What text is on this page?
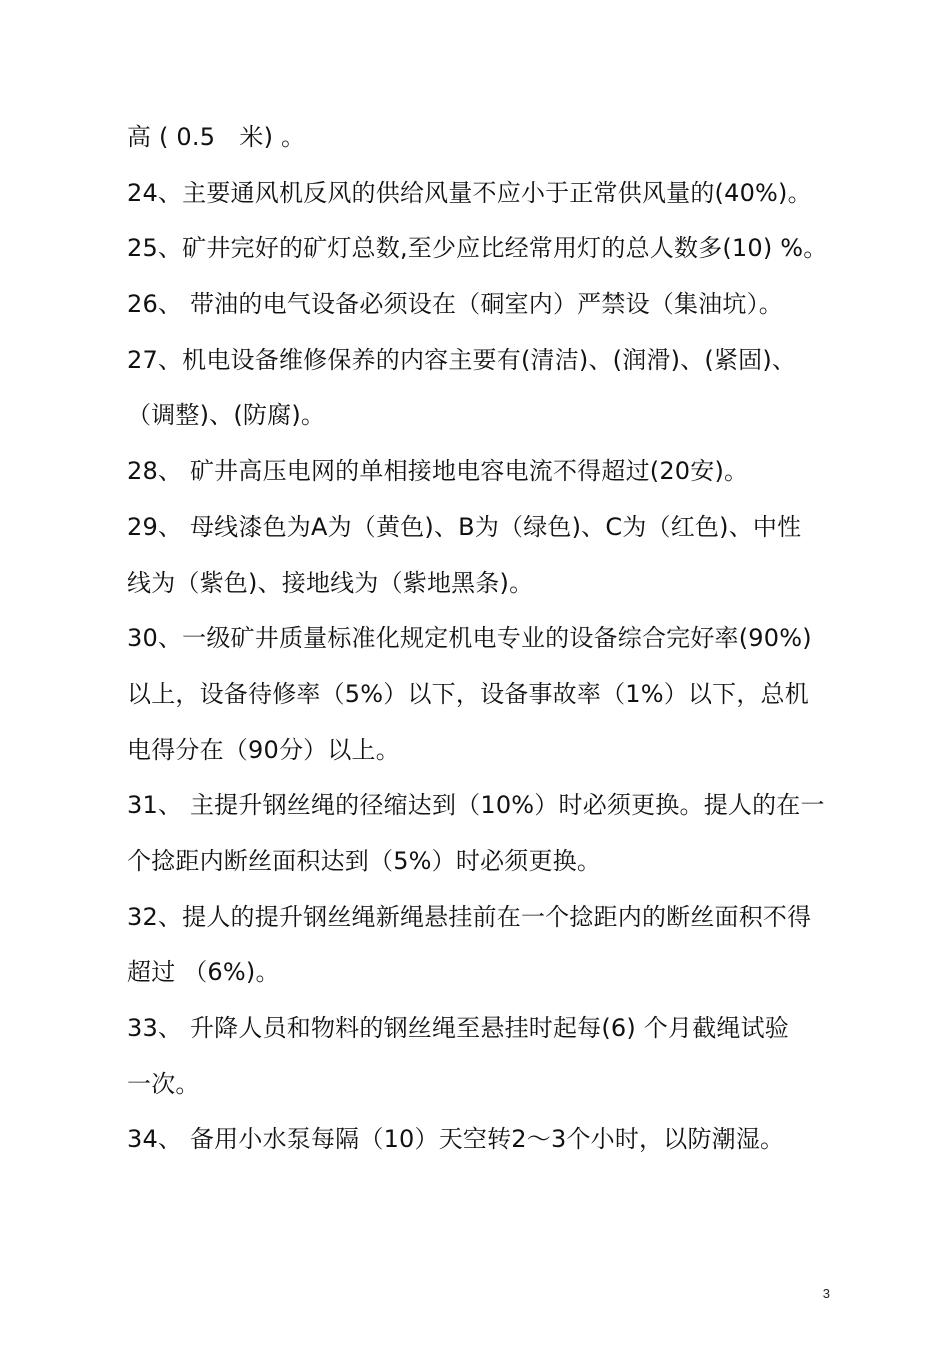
高 ( 0.5　米) 。
24、主要通风机反风的供给风量不应小于正常供风量的(40%)。
25、矿井完好的矿灯总数,至少应比经常用灯的总人数多(10) %。
26、 带油的电气设备必须设在（硐室内）严禁设（集油坑）。
27、机电设备维修保养的内容主要有(清洁)、(润滑)、(紧固)、
（调整)、(防腐)。
28、 矿井高压电网的单相接地电容电流不得超过(20安)。
29、 母线漆色为A为（黄色)、B为（绿色)、C为（红色)、中性
线为（紫色)、接地线为（紫地黑条)。
30、一级矿井质量标准化规定机电专业的设备综合完好率(90%)
以上，设备待修率（5%）以下，设备事故率（1%）以下，总机
电得分在（90分）以上。
31、 主提升钢丝绳的径缩达到（10%）时必须更换。提人的在一
个捻距内断丝面积达到（5%）时必须更换。
32、提人的提升钢丝绳新绳悬挂前在一个捻距内的断丝面积不得
超过 （6%)。
33、 升降人员和物料的钢丝绳至悬挂时起每(6) 个月截绳试验
一次。
34、 备用小水泵每隔（10）天空转2～3个小时，以防潮湿。
3
